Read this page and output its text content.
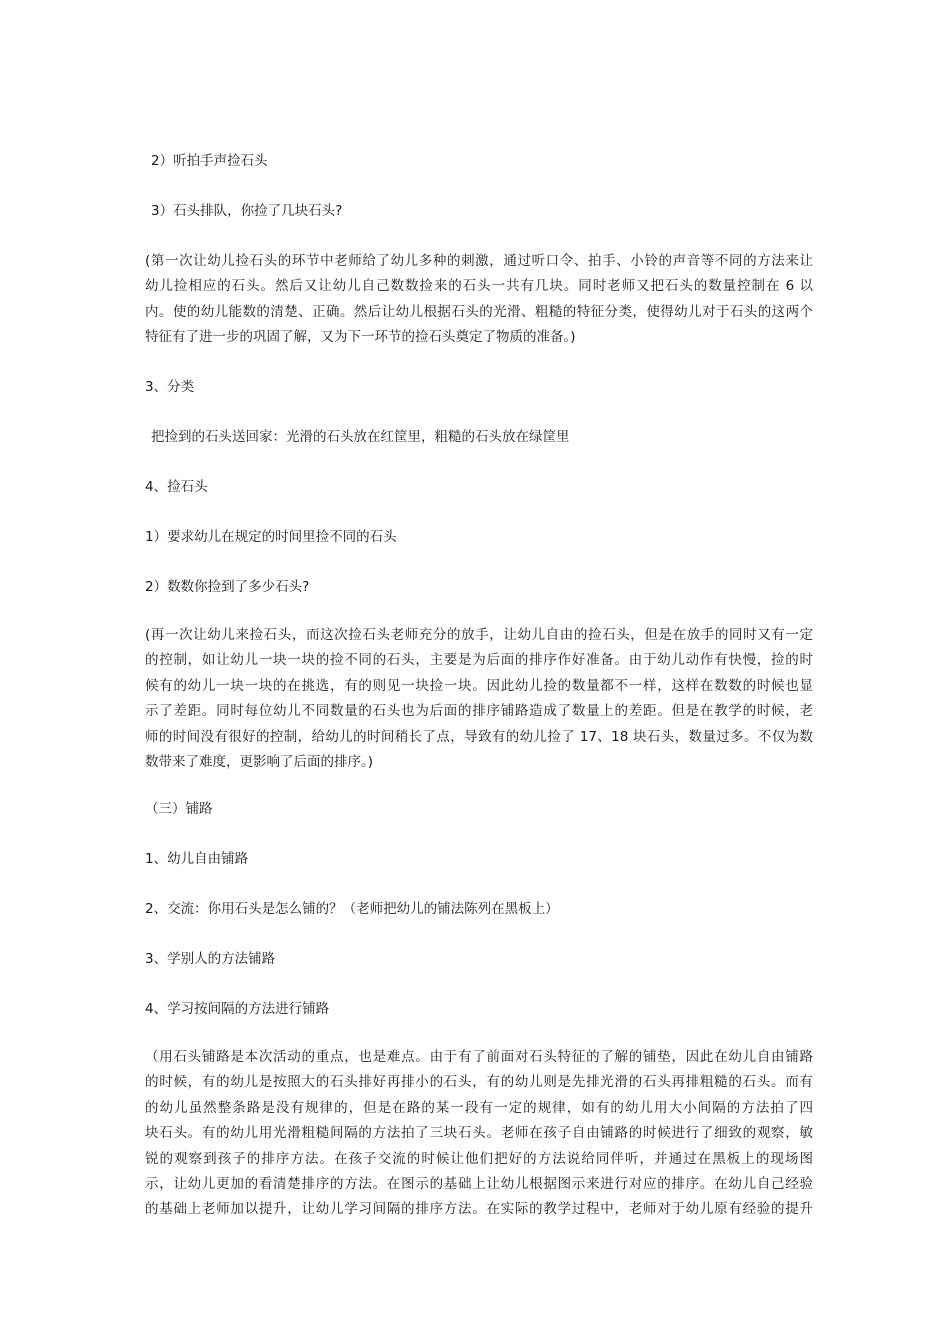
2）听拍手声捡石头
3）石头排队，你捡了几块石头?
(第一次让幼儿捡石头的环节中老师给了幼儿多种的刺激，通过听口令、拍手、小铃的声音等不同的方法来让
幼儿捡相应的石头。然后又让幼儿自己数数捡来的石头一共有几块。同时老师又把石头的数量控制在 6 以
内。使的幼儿能数的清楚、正确。然后让幼儿根据石头的光滑、粗糙的特征分类，使得幼儿对于石头的这两个
特征有了进一步的巩固了解，又为下一环节的捡石头奠定了物质的准备。)
3、分类
把捡到的石头送回家：光滑的石头放在红筐里，粗糙的石头放在绿筐里
4、捡石头
1）要求幼儿在规定的时间里捡不同的石头
2）数数你捡到了多少石头?
(再一次让幼儿来捡石头，而这次捡石头老师充分的放手，让幼儿自由的捡石头，但是在放手的同时又有一定
的控制，如让幼儿一块一块的捡不同的石头，主要是为后面的排序作好准备。由于幼儿动作有快慢，捡的时
候有的幼儿一块一块的在挑选，有的则见一块捡一块。因此幼儿捡的数量都不一样，这样在数数的时候也显
示了差距。同时每位幼儿不同数量的石头也为后面的排序铺路造成了数量上的差距。但是在教学的时候，老
师的时间没有很好的控制，给幼儿的时间稍长了点，导致有的幼儿捡了 17、18 块石头，数量过多。不仅为数
数带来了难度，更影响了后面的排序。)
（三）铺路
1、幼儿自由铺路
2、交流：你用石头是怎么铺的？（老师把幼儿的铺法陈列在黑板上）
3、学别人的方法铺路
4、学习按间隔的方法进行铺路
（用石头铺路是本次活动的重点，也是难点。由于有了前面对石头特征的了解的铺垫，因此在幼儿自由铺路
的时候，有的幼儿是按照大的石头排好再排小的石头，有的幼儿则是先排光滑的石头再排粗糙的石头。而有
的幼儿虽然整条路是没有规律的，但是在路的某一段有一定的规律，如有的幼儿用大小间隔的方法拍了四
块石头。有的幼儿用光滑粗糙间隔的方法拍了三块石头。老师在孩子自由铺路的时候进行了细致的观察，敏
锐的观察到孩子的排序方法。在孩子交流的时候让他们把好的方法说给同伴听，并通过在黑板上的现场图
示，让幼儿更加的看清楚排序的方法。在图示的基础上让幼儿根据图示来进行对应的排序。在幼儿自己经验
的基础上老师加以提升，让幼儿学习间隔的排序方法。在实际的教学过程中，老师对于幼儿原有经验的提升
